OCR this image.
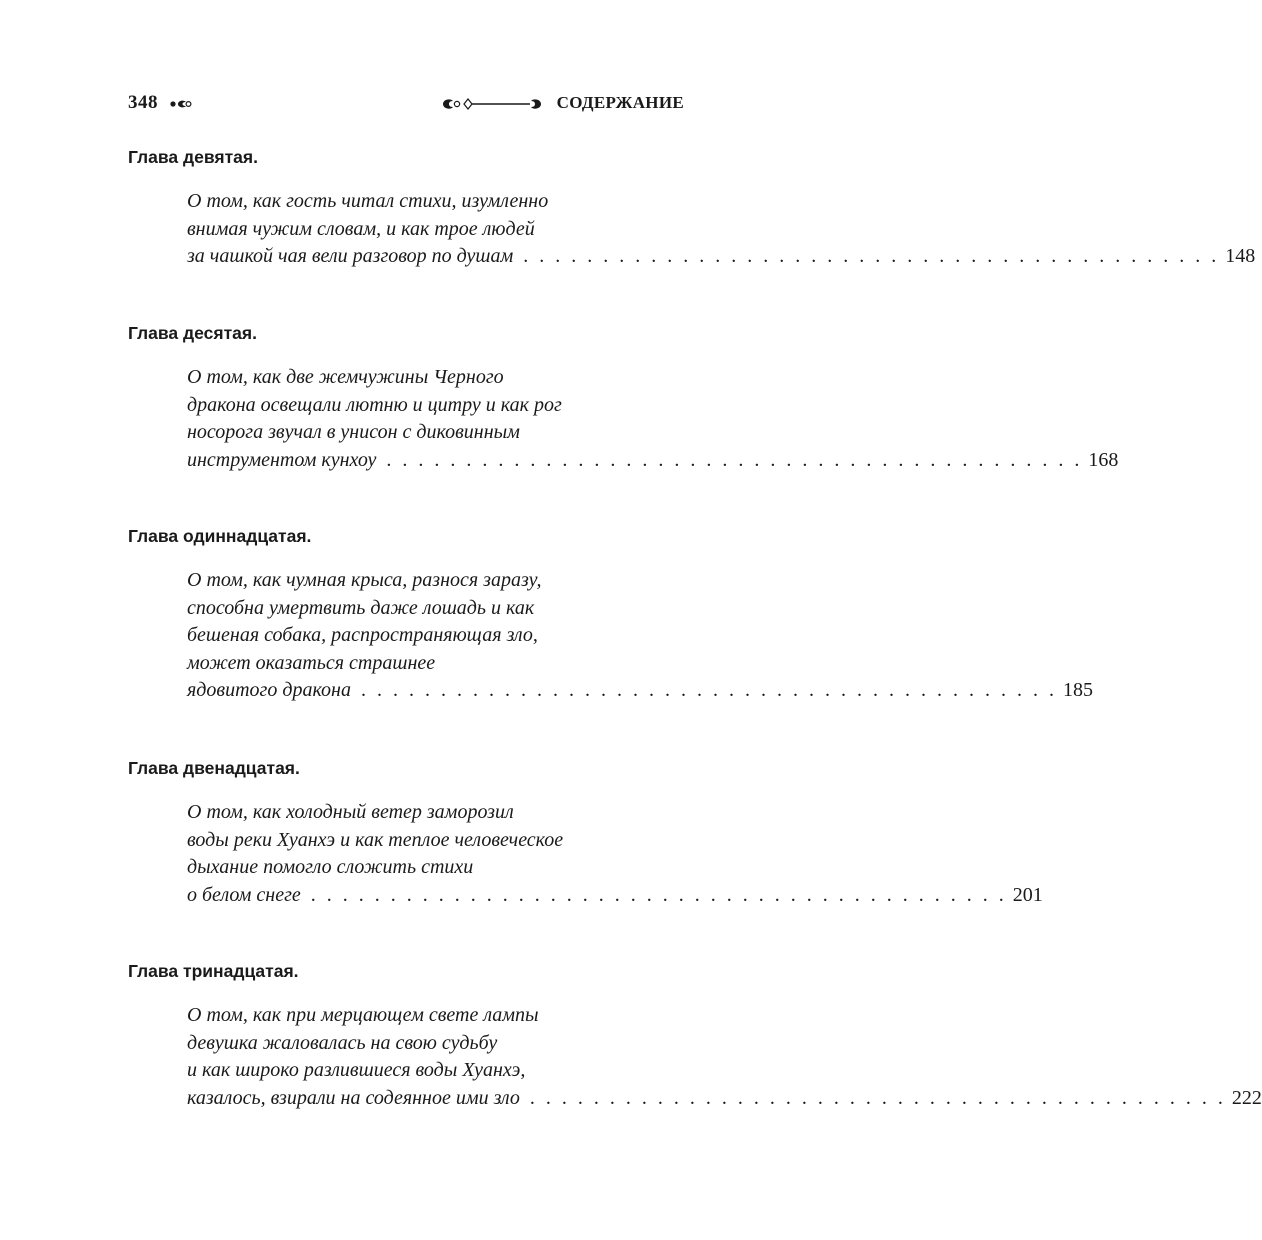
348	СОДЕРЖАНИЕ
Глава девятая.
О том, как гость читал стихи, изумленно
внимая чужим словам, и как трое людей
за чашкой чая вели разговор по душам . . . . . . . . . . . . . . . . . . . . . . . . . . . . . . . . . . . . . . . . . . . . 148
Глава десятая.
О том, как две жемчужины Черного
дракона освещали лютню и цитру и как рог
носорога звучал в унисон с диковинным
инструментом кунхоу . . . . . . . . . . . . . . . . . . . . . . . . . . . . . . . . . . . . . . . . . . . . 168
Глава одиннадцатая.
О том, как чумная крыса, разнося заразу,
способна умертвить даже лошадь и как
бешеная собака, распространяющая зло,
может оказаться страшнее
ядовитого дракона . . . . . . . . . . . . . . . . . . . . . . . . . . . . . . . . . . . . . . . . . . . . 185
Глава двенадцатая.
О том, как холодный ветер заморозил
воды реки Хуанхэ и как теплое человеческое
дыхание помогло сложить стихи
о белом снеге . . . . . . . . . . . . . . . . . . . . . . . . . . . . . . . . . . . . . . . . . . . . 201
Глава тринадцатая.
О том, как при мерцающем свете лампы
девушка жаловалась на свою судьбу
и как широко разлившиеся воды Хуанхэ,
казалось, взирали на содеянное ими зло . . . . . . . . . . . . . . . . . . . . . . . . . . . . . . . . . . . . . . . . . . . . 222
